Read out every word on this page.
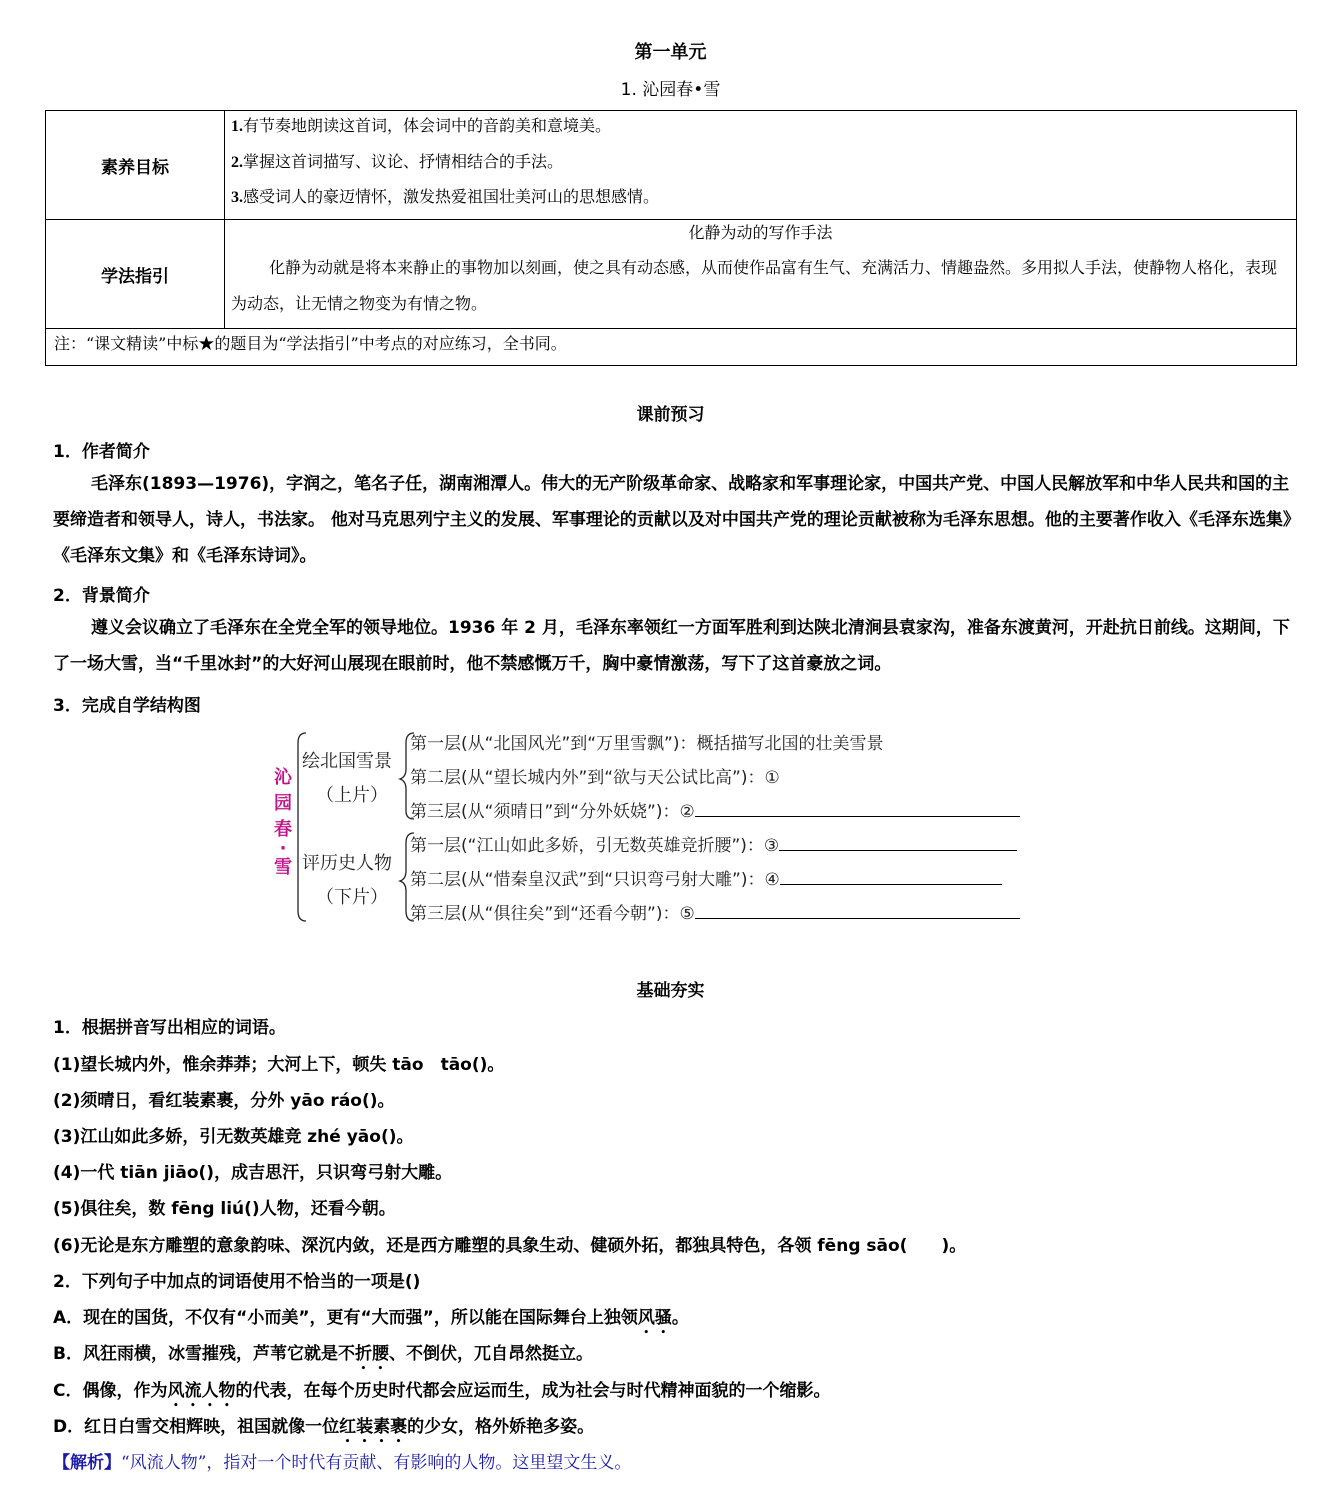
第一单元
1. 沁园春•雪
素养目标	1.有节奏地朗读这首词，体会词中的音韵美和意境美。
2.掌握这首词描写、议论、抒情相结合的手法。
3.感受词人的豪迈情怀，激发热爱祖国壮美河山的思想感情。

学法指引	化静为动的写作手法
化静为动就是将本来静止的事物加以刻画，使之具有动态感，从而使作品富有生气、充满活力、情趣盎然。多用拟人手法，使静物人格化，表现为动态，让无情之物变为有情之物。

注：“课文精读”中标★的题目为“学法指引”中考点的对应练习，全书同。	
课前预习
1．作者简介
毛泽东(1893—1976)，字润之，笔名子任，湖南湘潭人。伟大的无产阶级革命家、战略家和军事理论家，中国共产党、中国人民解放军和中华人民共和国的主要缔造者和领导人，诗人，书法家。 他对马克思列宁主义的发展、军事理论的贡献以及对中国共产党的理论贡献被称为毛泽东思想。他的主要著作收入《毛泽东选集》《毛泽东文集》和《毛泽东诗词》。
2．背景简介
遵义会议确立了毛泽东在全党全军的领导地位。1936 年 2 月，毛泽东率领红一方面军胜利到达陕北清涧县袁家沟，准备东渡黄河，开赴抗日前线。这期间，下了一场大雪，当“千里冰封”的大好河山展现在眼前时，他不禁感慨万千，胸中豪情激荡，写下了这首豪放之词。
3．完成自学结构图
沁
园
春
·
雪
绘北国雪景
（上片）
评历史人物
（下片）
第一层(从“北国风光”到“万里雪飘”)：概括描写北国的壮美雪景
第二层(从“望长城内外”到“欲与天公试比高”)：①
第三层(从“须晴日”到“分外妖娆”)：②
第一层(“江山如此多娇，引无数英雄竞折腰”)：③
第二层(从“惜秦皇汉武”到“只识弯弓射大雕”)：④
第三层(从“俱往矣”到“还看今朝”)：⑤
基础夯实
1．根据拼音写出相应的词语。
(1)望长城内外，惟余莽莽；大河上下，顿失 tāo　tāo()。
(2)须晴日，看红装素裹，分外 yāo ráo()。
(3)江山如此多娇，引无数英雄竞 zhé yāo()。
(4)一代 tiān jiāo()，成吉思汗，只识弯弓射大雕。
(5)俱往矣，数 fēng liú()人物，还看今朝。
(6)无论是东方雕塑的意象韵味、深沉内敛，还是西方雕塑的具象生动、健硕外拓，都独具特色，各领 fēng sāo(　　)。
2．下列句子中加点的词语使用不恰当的一项是()
A．现在的国货，不仅有“小而美”，更有“大而强”，所以能在国际舞台上独领风骚。
B．风狂雨横，冰雪摧残，芦苇它就是不折腰、不倒伏，兀自昂然挺立。
C．偶像，作为风流人物的代表，在每个历史时代都会应运而生，成为社会与时代精神面貌的一个缩影。
D．红日白雪交相辉映，祖国就像一位红装素裹的少女，格外娇艳多姿。
【解析】“风流人物”，指对一个时代有贡献、有影响的人物。这里望文生义。
